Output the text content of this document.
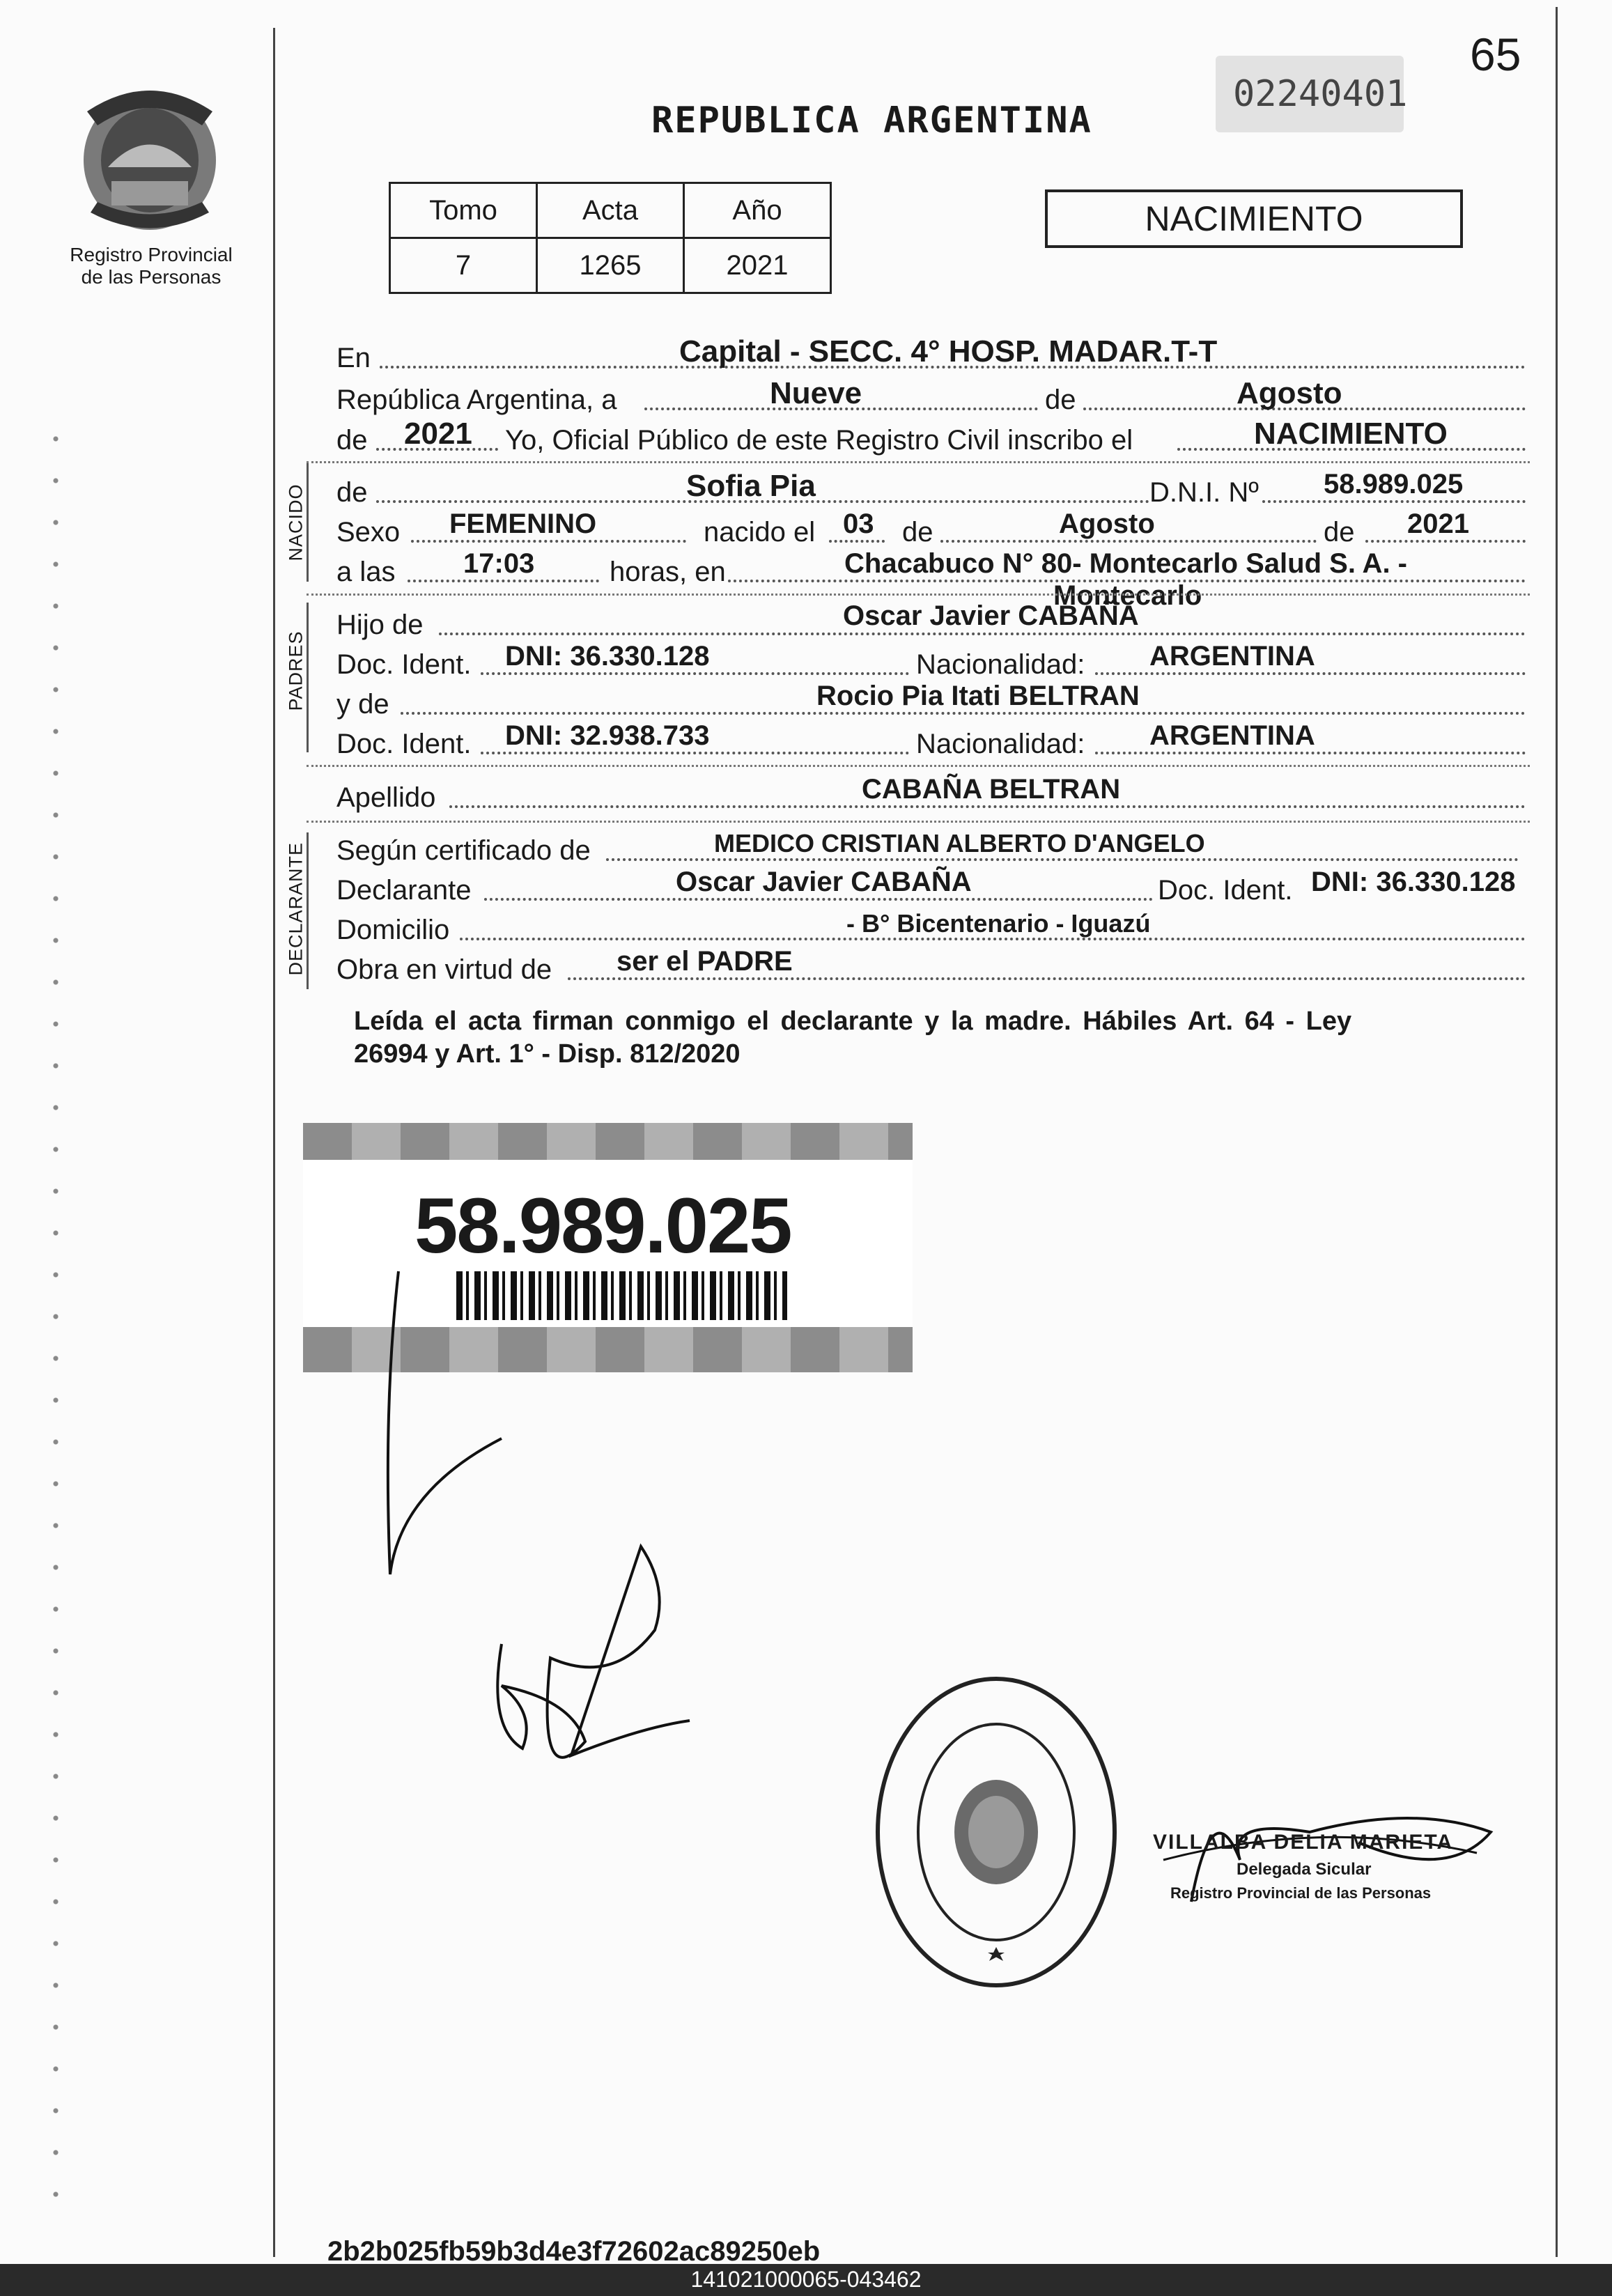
Registro Provincial
de las Personas
65
02240401
REPUBLICA ARGENTINA
Tomo	Acta	Año
7	1265	2021
NACIMIENTO
En	Capital - SECC. 4° HOSP. MADAR.T-T
República Argentina, a	Nueve	de	Agosto
de 2021 Yo, Oficial Público de este Registro Civil inscribo el	NACIMIENTO
NACIDO de	Sofia Pia	D.N.I. Nº 58.989.025
Sexo FEMENINO	nacido el 03 de	Agosto	de 2021
a las 17:03	horas, en	Chacabuco N° 80- Montecarlo Salud S. A. -
Montecarlo
PADRES
Hijo de	Oscar Javier CABAÑA
Doc. Ident. DNI: 36.330.128	Nacionalidad: ARGENTINA
y de	Rocio Pia Itati BELTRAN
Doc. Ident. DNI: 32.938.733	Nacionalidad: ARGENTINA
Apellido	CABAÑA BELTRAN
DECLARANTE Según certificado de	MEDICO CRISTIAN ALBERTO D'ANGELO
Declarante	Oscar Javier CABAÑA	Doc. Ident. DNI: 36.330.128
Domicilio	- B° Bicentenario - Iguazú
Obra en virtud de ser el PADRE
Leída el acta firman conmigo el declarante y la madre. Hábiles Art. 64 - Ley
26994 y Art. 1° - Disp. 812/2020
58.989.025
VILLALBA DELIA MARIETA
Delegada Sicular
Registro Provincial de las Personas
2b2b025fb59b3d4e3f72602ac89250eb
141021000065-043462
